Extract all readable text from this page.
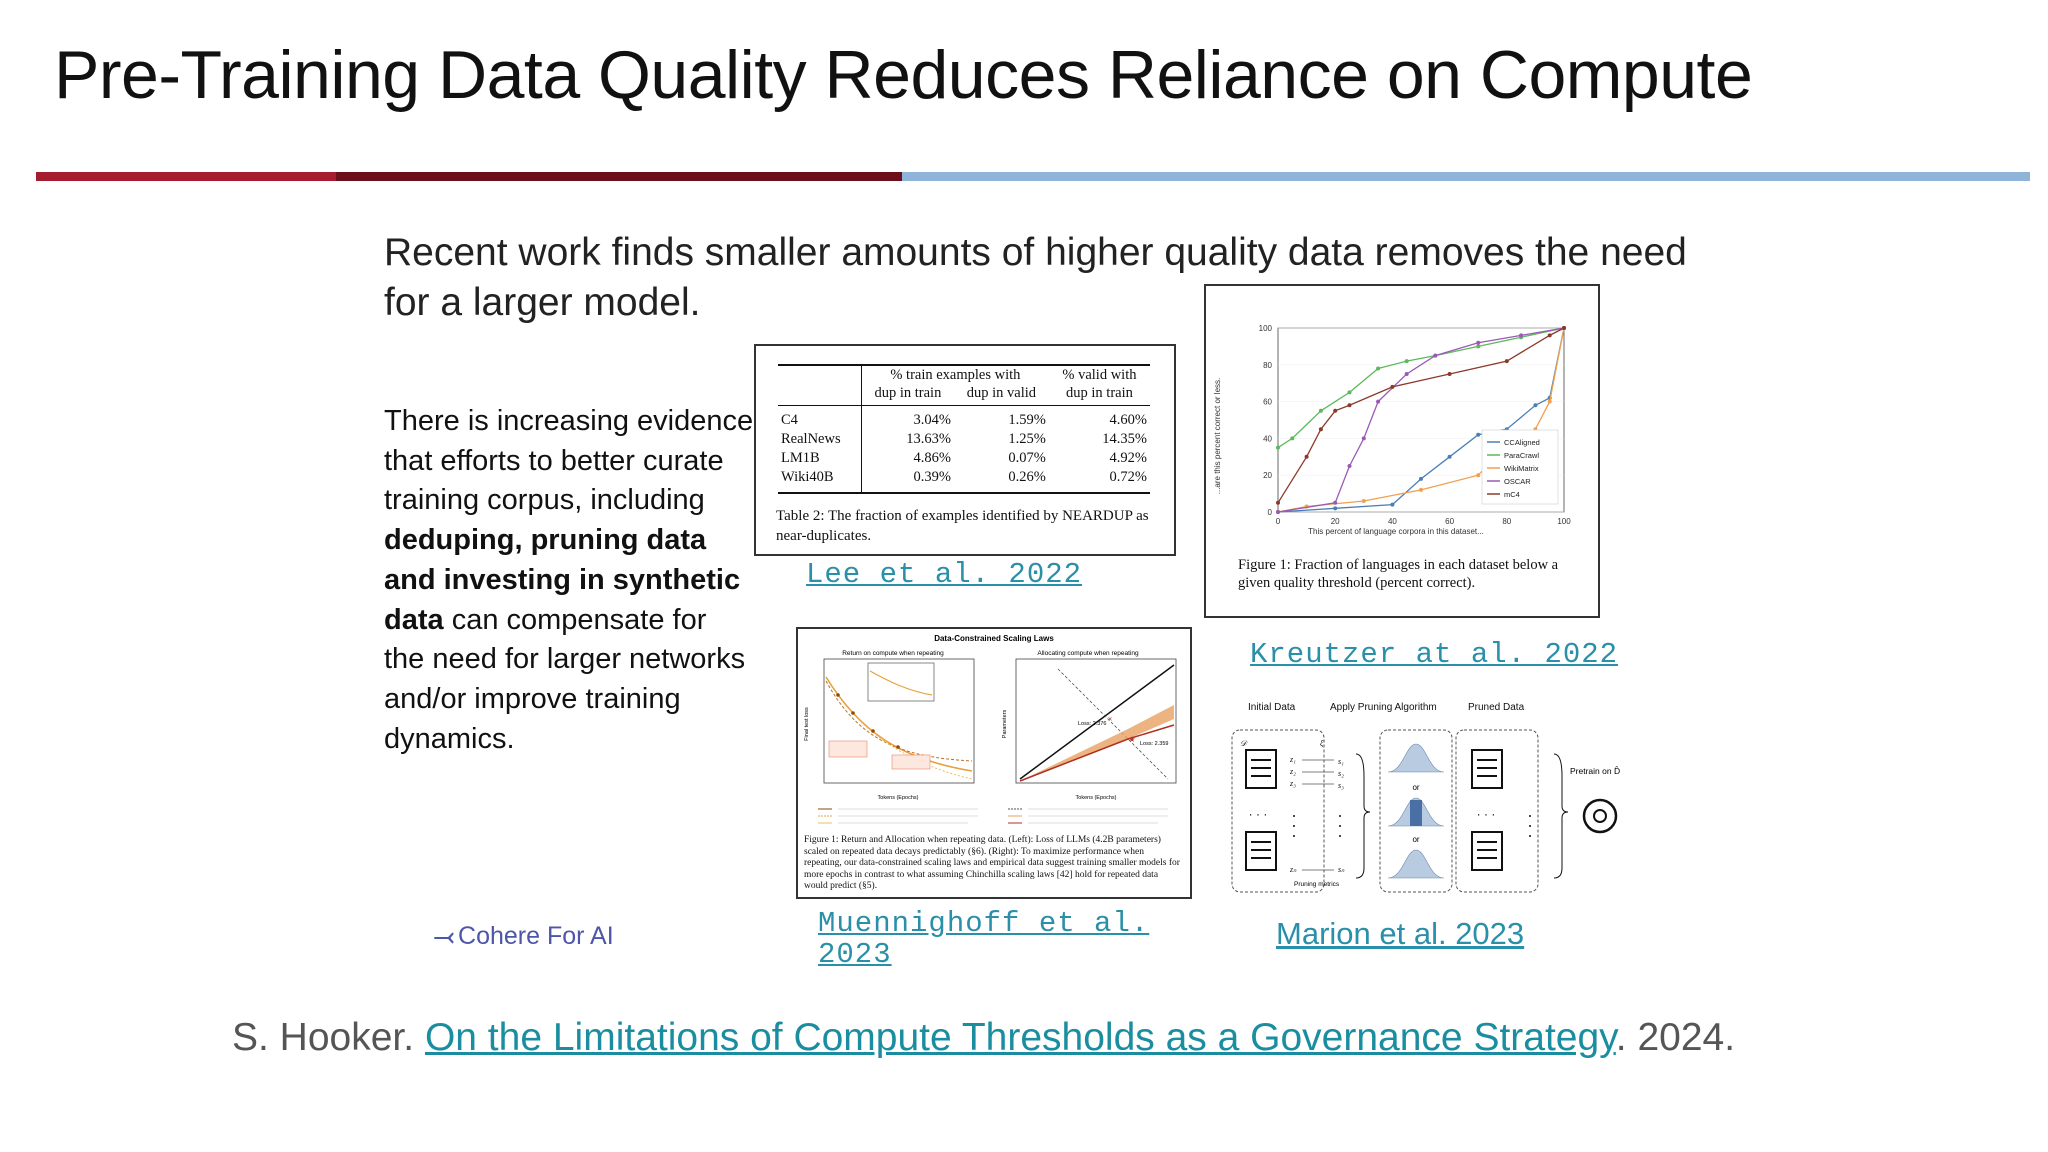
Pre-Training Data Quality Reduces Reliance on Compute
Recent work finds smaller amounts of higher quality data removes the need for a larger model.
There is increasing evidence that efforts to better curate training corpus, including deduping, pruning data and investing in synthetic data can compensate for the need for larger networks and/or improve training dynamics.
	% train examples with		% valid with
	dup in train	dup in valid	dup in train
C4	3.04%	1.59%	4.60%
RealNews	13.63%	1.25%	14.35%
LM1B	4.86%	0.07%	4.92%
Wiki40B	0.39%	0.26%	0.72%
Table 2: The fraction of examples identified by NEARDUP as near-duplicates.
Lee et al. 2022
...are this percent correct or less.
This percent of language corpora in this dataset...
0	20	40	60	80	100
0
20
40
60
80
100
CCAligned
ParaCrawl
WikiMatrix
OSCAR
mC4
Figure 1: Fraction of languages in each dataset below a given quality threshold (percent correct).
Kreutzer at al. 2022
Data-Constrained Scaling Laws
Return on compute when repeating	Allocating compute when repeating
Final test loss
Tokens (Epochs)
Parameters	✕
★
Loss: 2.376
Loss: 2.359
Tokens (Epochs)
Figure 1: Return and Allocation when repeating data. (Left): Loss of LLMs (4.2B parameters) scaled on repeated data decays predictably (§6). (Right): To maximize performance when repeating, our data-constrained scaling laws and empirical data suggest training smaller models for more epochs in contrast to what assuming Chinchilla scaling laws [42] hold for repeated data would predict (§5).
Muennighoff et al.
2023
Initial Data	Apply Pruning Algorithm	Pruned Data
· · ·	· · ·
z₁
z₂
z₃
zₙ
s₁
s₂
s₃
sₙ
𝒟	ξ
or
or
Pruning metrics
Pretrain on D̂
Marion et al. 2023
⤙ Cohere For AI
S. Hooker. On the Limitations of Compute Thresholds as a Governance Strategy. 2024.
